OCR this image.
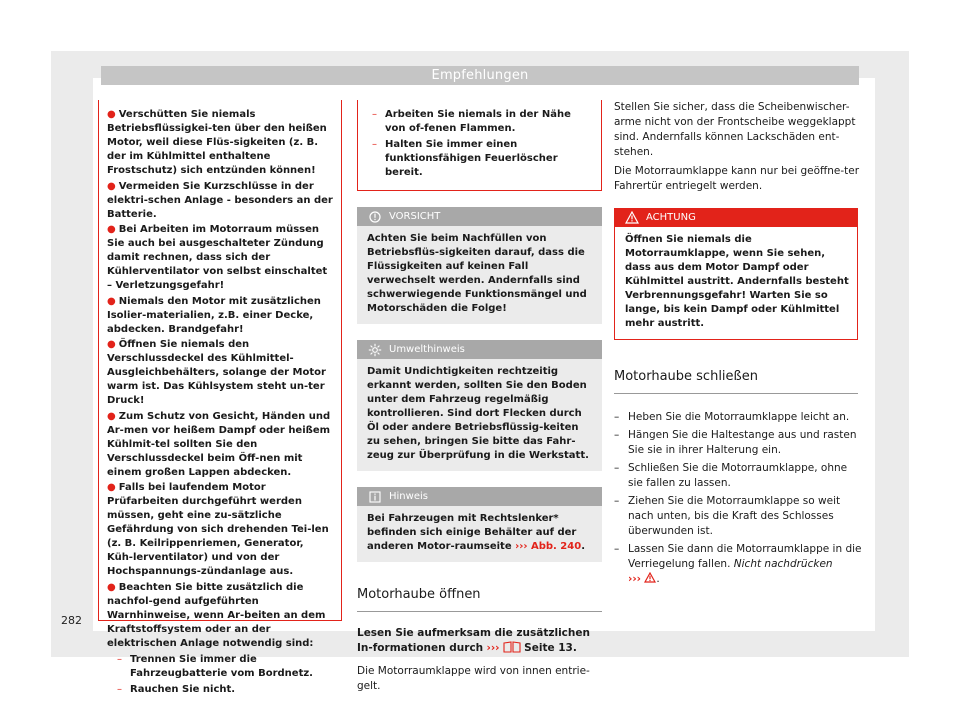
Empfehlungen
● Verschütten Sie niemals Betriebsflüssigkei-ten über den heißen Motor, weil diese Flüs-sigkeiten (z. B. der im Kühlmittel enthaltene Frostschutz) sich entzünden können!
● Vermeiden Sie Kurzschlüsse in der elektri-schen Anlage - besonders an der Batterie.
● Bei Arbeiten im Motorraum müssen Sie auch bei ausgeschalteter Zündung damit rechnen, dass sich der Kühlerventilator von selbst einschaltet – Verletzungsgefahr!
● Niemals den Motor mit zusätzlichen Isolier-materialien, z.B. einer Decke, abdecken. Brandgefahr!
● Öffnen Sie niemals den Verschlussdeckel des Kühlmittel-Ausgleichbehälters, solange der Motor warm ist. Das Kühlsystem steht un-ter Druck!
● Zum Schutz von Gesicht, Händen und Ar-men vor heißem Dampf oder heißem Kühlmit-tel sollten Sie den Verschlussdeckel beim Öff-nen mit einem großen Lappen abdecken.
● Falls bei laufendem Motor Prüfarbeiten durchgeführt werden müssen, geht eine zu-sätzliche Gefährdung von sich drehenden Tei-len (z. B. Keilrippenriemen, Generator, Küh-lerventilator) und von der Hochspannungs-zündanlage aus.
● Beachten Sie bitte zusätzlich die nachfol-gend aufgeführten Warnhinweise, wenn Ar-beiten an dem Kraftstoffsystem oder an der elektrischen Anlage notwendig sind:
– Trennen Sie immer die Fahrzeugbatterie vom Bordnetz.
– Rauchen Sie nicht.
282
– Arbeiten Sie niemals in der Nähe von of-fenen Flammen.
– Halten Sie immer einen funktionsfähigen Feuerlöscher bereit.
VORSICHT
Achten Sie beim Nachfüllen von Betriebsflüs-sigkeiten darauf, dass die Flüssigkeiten auf keinen Fall verwechselt werden. Andernfalls sind schwerwiegende Funktionsmängel und Motorschäden die Folge!
Umwelthinweis
Damit Undichtigkeiten rechtzeitig erkannt werden, sollten Sie den Boden unter dem Fahrzeug regelmäßig kontrollieren. Sind dort Flecken durch Öl oder andere Betriebsflüssig-keiten zu sehen, bringen Sie bitte das Fahr-zeug zur Überprüfung in die Werkstatt.
Hinweis
Bei Fahrzeugen mit Rechtslenker* befinden sich einige Behälter auf der anderen Motor-raumseite ››› Abb. 240.
Motorhaube öffnen
Lesen Sie aufmerksam die zusätzlichen In-formationen durch ››› Seite 13.
Die Motorraumklappe wird von innen entrie-gelt.
Stellen Sie sicher, dass die Scheibenwischer-arme nicht von der Frontscheibe weggeklappt sind. Andernfalls können Lackschäden ent-stehen.
Die Motorraumklappe kann nur bei geöffne-ter Fahrertür entriegelt werden.
ACHTUNG
Öffnen Sie niemals die Motorraumklappe, wenn Sie sehen, dass aus dem Motor Dampf oder Kühlmittel austritt. Andernfalls besteht Verbrennungsgefahr! Warten Sie so lange, bis kein Dampf oder Kühlmittel mehr austritt.
Motorhaube schließen
– Heben Sie die Motorraumklappe leicht an.
– Hängen Sie die Haltestange aus und rasten Sie sie in ihrer Halterung ein.
– Schließen Sie die Motorraumklappe, ohne sie fallen zu lassen.
– Ziehen Sie die Motorraumklappe so weit nach unten, bis die Kraft des Schlosses überwunden ist.
– Lassen Sie dann die Motorraumklappe in die Verriegelung fallen. Nicht nachdrücken
››› .
